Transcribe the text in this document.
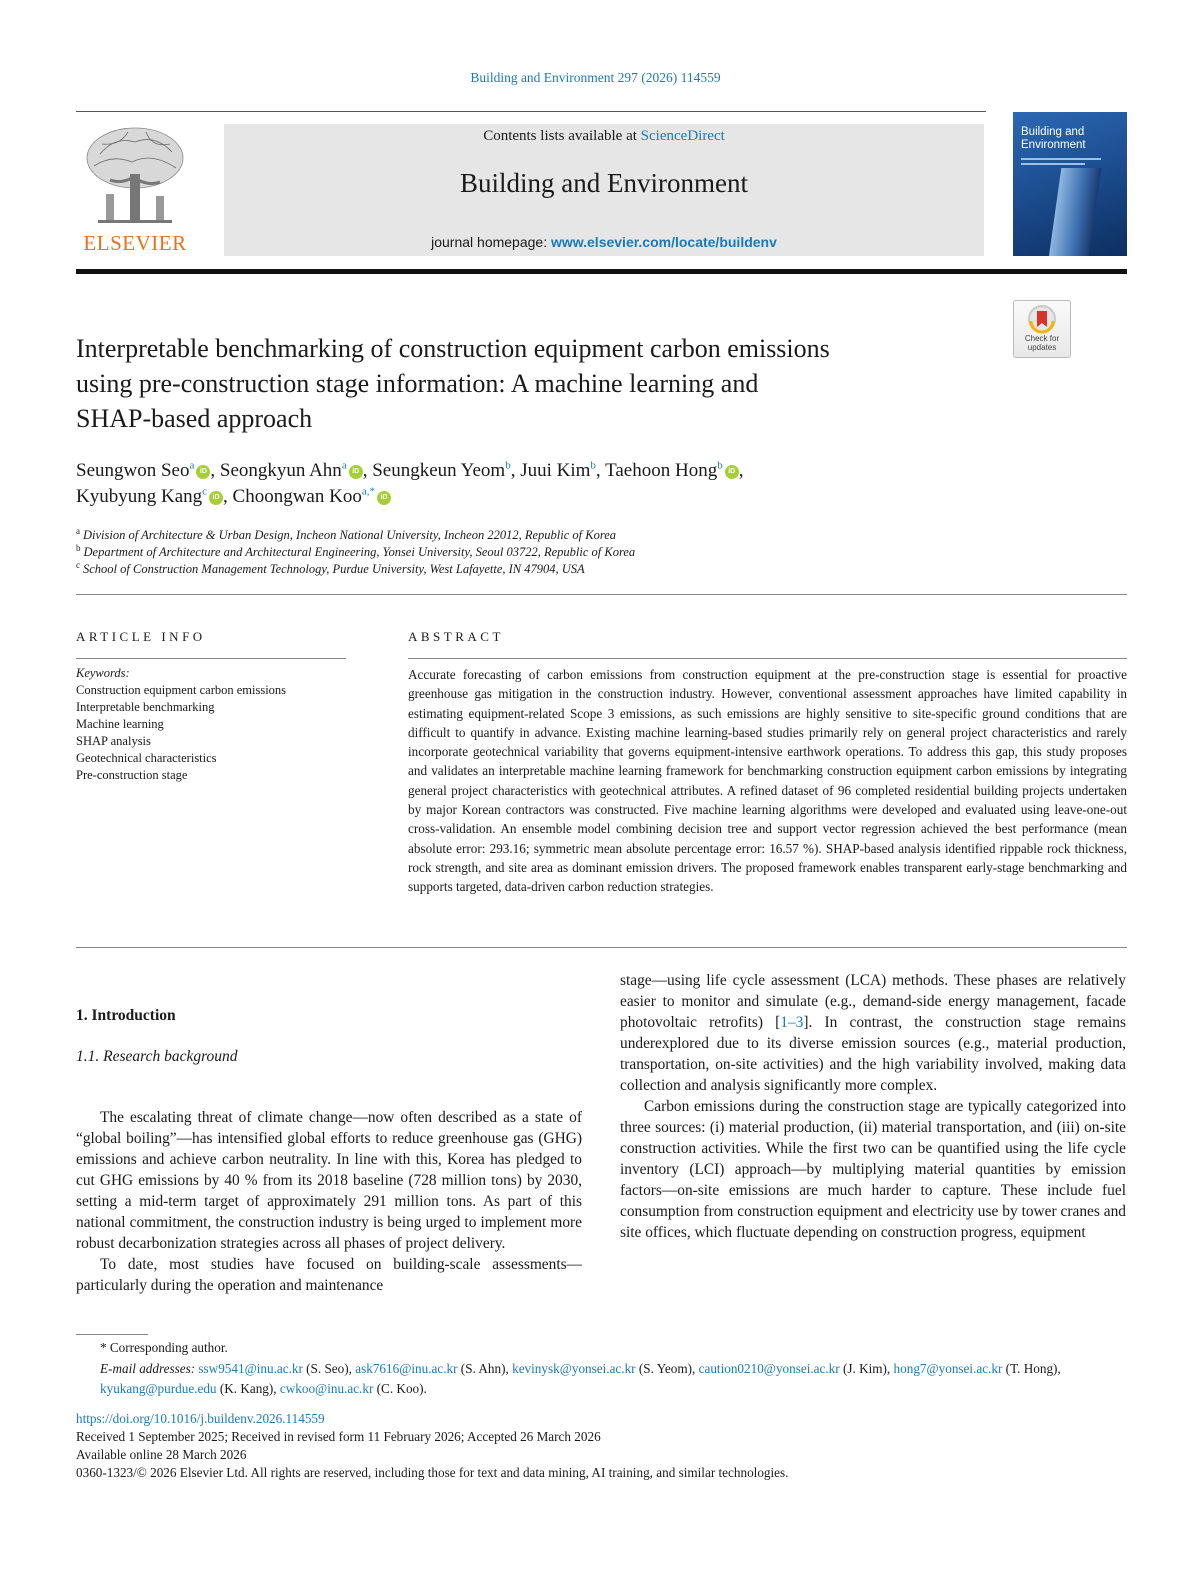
Building and Environment 297 (2026) 114559
ELSEVIER
Contents lists available at ScienceDirect
Building and Environment
journal homepage: www.elsevier.com/locate/buildenv
Building and
Environment
Check for
updates
Interpretable benchmarking of construction equipment carbon emissions
using pre-construction stage information: A machine learning and
SHAP-based approach
Seungwon Seo$^a$ iD , Seongkyun Ahn$^a$ iD , Seungkeun Yeom$^b$, Juui Kim$^b$, Taehoon Hong$^b$ iD ,
Kyubyung Kang$^c$ iD , Choongwan Koo$^{a,*}$ iD
$^a$ Division of Architecture & Urban Design, Incheon National University, Incheon 22012, Republic of Korea
$^b$ Department of Architecture and Architectural Engineering, Yonsei University, Seoul 03722, Republic of Korea
$^c$ School of Construction Management Technology, Purdue University, West Lafayette, IN 47904, USA
ARTICLE INFO	ABSTRACT
Keywords:
Construction equipment carbon emissions
Interpretable benchmarking
Machine learning
SHAP analysis
Geotechnical characteristics
Pre-construction stage
Accurate forecasting of carbon emissions from construction equipment at the pre-construction stage is essential for proactive greenhouse gas mitigation in the construction industry. However, conventional assessment approaches have limited capability in estimating equipment-related Scope 3 emissions, as such emissions are highly sensitive to site-specific ground conditions that are difficult to quantify in advance. Existing machine learning-based studies primarily rely on general project characteristics and rarely incorporate geotechnical variability that governs equipment-intensive earthwork operations. To address this gap, this study proposes and validates an interpretable machine learning framework for benchmarking construction equipment carbon emissions by integrating general project characteristics with geotechnical attributes. A refined dataset of 96 completed residential building projects undertaken by major Korean contractors was constructed. Five machine learning algorithms were developed and evaluated using leave-one-out cross-validation. An ensemble model combining decision tree and support vector regression achieved the best performance (mean absolute error: 293.16; symmetric mean absolute percentage error: 16.57 %). SHAP-based analysis identified rippable rock thickness, rock strength, and site area as dominant emission drivers. The proposed framework enables transparent early-stage benchmarking and supports targeted, data-driven carbon reduction strategies.
1. Introduction
1.1. Research background

The escalating threat of climate change—now often described as a state of “global boiling”—has intensified global efforts to reduce greenhouse gas (GHG) emissions and achieve carbon neutrality. In line with this, Korea has pledged to cut GHG emissions by 40 % from its 2018 baseline (728 million tons) by 2030, setting a mid-term target of approximately 291 million tons. As part of this national commitment, the construction industry is being urged to implement more robust decarbonization strategies across all phases of project delivery.

To date, most studies have focused on building-scale assessments—particularly during the operation and maintenance

stage—using life cycle assessment (LCA) methods. These phases are relatively easier to monitor and simulate (e.g., demand-side energy management, facade photovoltaic retrofits) [1–3]. In contrast, the construction stage remains underexplored due to its diverse emission sources (e.g., material production, transportation, on-site activities) and the high variability involved, making data collection and analysis significantly more complex.

Carbon emissions during the construction stage are typically categorized into three sources: (i) material production, (ii) material transportation, and (iii) on-site construction activities. While the first two can be quantified using the life cycle inventory (LCI) approach—by multiplying material quantities by emission factors—on-site emissions are much harder to capture. These include fuel consumption from construction equipment and electricity use by tower cranes and site offices, which fluctuate depending on construction progress, equipment

* Corresponding author.
E-mail addresses: ssw9541@inu.ac.kr (S. Seo), ask7616@inu.ac.kr (S. Ahn), kevinysk@yonsei.ac.kr (S. Yeom), caution0210@yonsei.ac.kr (J. Kim), hong7@yonsei.ac.kr (T. Hong), kyukang@purdue.edu (K. Kang), cwkoo@inu.ac.kr (C. Koo).
https://doi.org/10.1016/j.buildenv.2026.114559
Received 1 September 2025; Received in revised form 11 February 2026; Accepted 26 March 2026
Available online 28 March 2026
0360-1323/© 2026 Elsevier Ltd. All rights are reserved, including those for text and data mining, AI training, and similar technologies.
